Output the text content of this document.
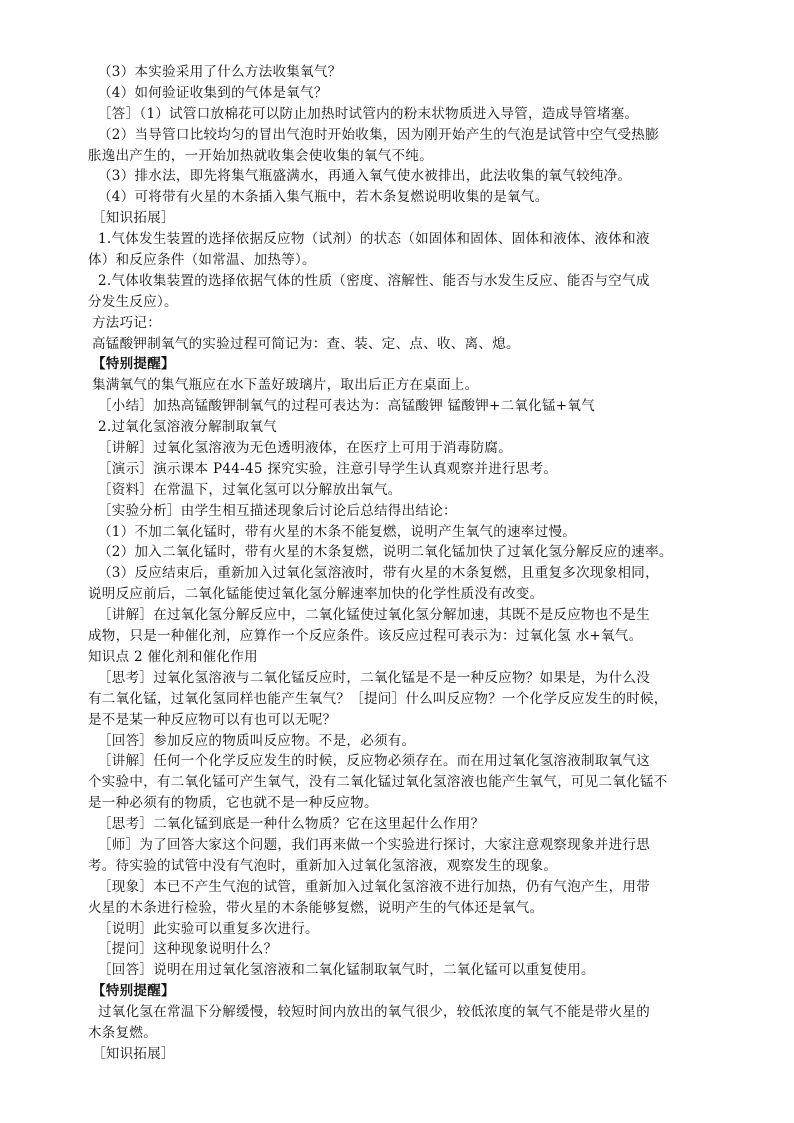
（3）本实验采用了什么方法收集氧气？
（4）如何验证收集到的气体是氧气？
［答］（1）试管口放棉花可以防止加热时试管内的粉末状物质进入导管，造成导管堵塞。
（2）当导管口比较均匀的冒出气泡时开始收集，因为刚开始产生的气泡是试管中空气受热膨
胀逸出产生的，一开始加热就收集会使收集的氧气不纯。
（3）排水法，即先将集气瓶盛满水，再通入氧气使水被排出，此法收集的氧气较纯净。
（4）可将带有火星的木条插入集气瓶中，若木条复燃说明收集的是氧气。
［知识拓展］
1.气体发生装置的选择依据反应物（试剂）的状态（如固体和固体、固体和液体、液体和液
体）和反应条件（如常温、加热等）。
2.气体收集装置的选择依据气体的性质（密度、溶解性、能否与水发生反应、能否与空气成
分发生反应）。
方法巧记：
高锰酸钾制氧气的实验过程可简记为：查、装、定、点、收、离、熄。
【特别提醒】
集满氧气的集气瓶应在水下盖好玻璃片，取出后正方在桌面上。
［小结］加热高锰酸钾制氧气的过程可表达为：高锰酸钾 锰酸钾+二氧化锰+氧气
2.过氧化氢溶液分解制取氧气
［讲解］过氧化氢溶液为无色透明液体，在医疗上可用于消毒防腐。
［演示］演示课本 P44-45 探究实验，注意引导学生认真观察并进行思考。
［资料］在常温下，过氧化氢可以分解放出氧气。
［实验分析］由学生相互描述现象后讨论后总结得出结论：
（1）不加二氧化锰时，带有火星的木条不能复燃，说明产生氧气的速率过慢。
（2）加入二氧化锰时，带有火星的木条复燃，说明二氧化锰加快了过氧化氢分解反应的速率。
（3）反应结束后，重新加入过氧化氢溶液时，带有火星的木条复燃，且重复多次现象相同，
说明反应前后，二氧化锰能使过氧化氢分解速率加快的化学性质没有改变。
［讲解］在过氧化氢分解反应中，二氧化锰使过氧化氢分解加速，其既不是反应物也不是生
成物，只是一种催化剂，应算作一个反应条件。该反应过程可表示为：过氧化氢 水+氧气。
知识点 2 催化剂和催化作用
［思考］过氧化氢溶液与二氧化锰反应时，二氧化锰是不是一种反应物？如果是，为什么没
有二氧化锰，过氧化氢同样也能产生氧气？［提问］什么叫反应物？一个化学反应发生的时候，
是不是某一种反应物可以有也可以无呢？
［回答］参加反应的物质叫反应物。不是，必须有。
［讲解］任何一个化学反应发生的时候，反应物必须存在。而在用过氧化氢溶液制取氧气这
个实验中，有二氧化锰可产生氧气，没有二氧化锰过氧化氢溶液也能产生氧气，可见二氧化锰不
是一种必须有的物质，它也就不是一种反应物。
［思考］二氧化锰到底是一种什么物质？它在这里起什么作用？
［师］为了回答大家这个问题，我们再来做一个实验进行探讨，大家注意观察现象并进行思
考。待实验的试管中没有气泡时，重新加入过氧化氢溶液，观察发生的现象。
［现象］本已不产生气泡的试管，重新加入过氧化氢溶液不进行加热，仍有气泡产生，用带
火星的木条进行检验，带火星的木条能够复燃，说明产生的气体还是氧气。
［说明］此实验可以重复多次进行。
［提问］这种现象说明什么？
［回答］说明在用过氧化氢溶液和二氧化锰制取氧气时，二氧化锰可以重复使用。
【特别提醒】
过氧化氢在常温下分解缓慢，较短时间内放出的氧气很少，较低浓度的氧气不能是带火星的
木条复燃。
［知识拓展］
